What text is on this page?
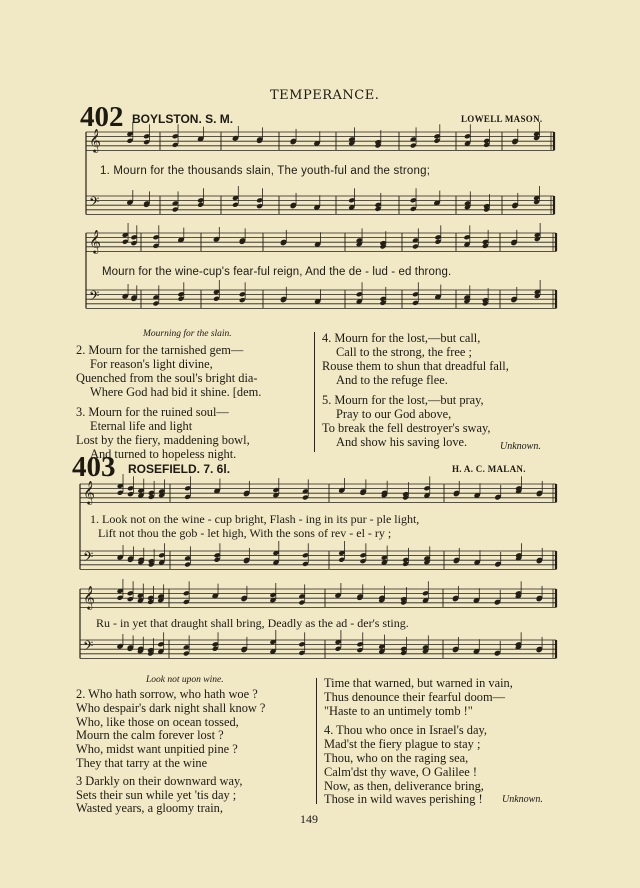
TEMPERANCE.
402 BOYLSTON. S. M.	LOWELL MASON.
𝄞
𝄢
𝄞
𝄢
𝄞
𝄢
𝄞
𝄢
1. Mourn for the thousands slain, The youth-ful and the strong;
Mourn for the wine-cup's fear-ful reign, And the de - lud - ed throng.
Mourning for the slain.
2. Mourn for the tarnished gem—
For reason's light divine,
Quenched from the soul's bright dia-
Where God had bid it shine. [dem.
3. Mourn for the ruined soul—
Eternal life and light
Lost by the fiery, maddening bowl,
And turned to hopeless night.
4. Mourn for the lost,—but call,
Call to the strong, the free ;
Rouse them to shun that dreadful fall,
And to the refuge flee.
5. Mourn for the lost,—but pray,
Pray to our God above,
To break the fell destroyer's sway,
And show his saving love.	Unknown.
403 ROSEFIELD. 7. 6l.	H. A. C. MALAN.
1. Look not on the wine - cup bright, Flash - ing in its pur - ple light,
Lift not thou the gob - let high, With the sons of rev - el - ry ;
Ru - in yet that draught shall bring, Deadly as the ad - der's sting.
Look not upon wine.
2. Who hath sorrow, who hath woe ?
Who despair's dark night shall know ?
Who, like those on ocean tossed,
Mourn the calm forever lost ?
Who, midst want unpitied pine ?
They that tarry at the wine
3 Darkly on their downward way,
Sets their sun while yet 'tis day ;
Wasted years, a gloomy train,
Time that warned, but warned in vain,
Thus denounce their fearful doom—
"Haste to an untimely tomb !"
4. Thou who once in Israel's day,
Mad'st the fiery plague to stay ;
Thou, who on the raging sea,
Calm'dst thy wave, O Galilee !
Now, as then, deliverance bring,
Those in wild waves perishing !	Unknown.
149
